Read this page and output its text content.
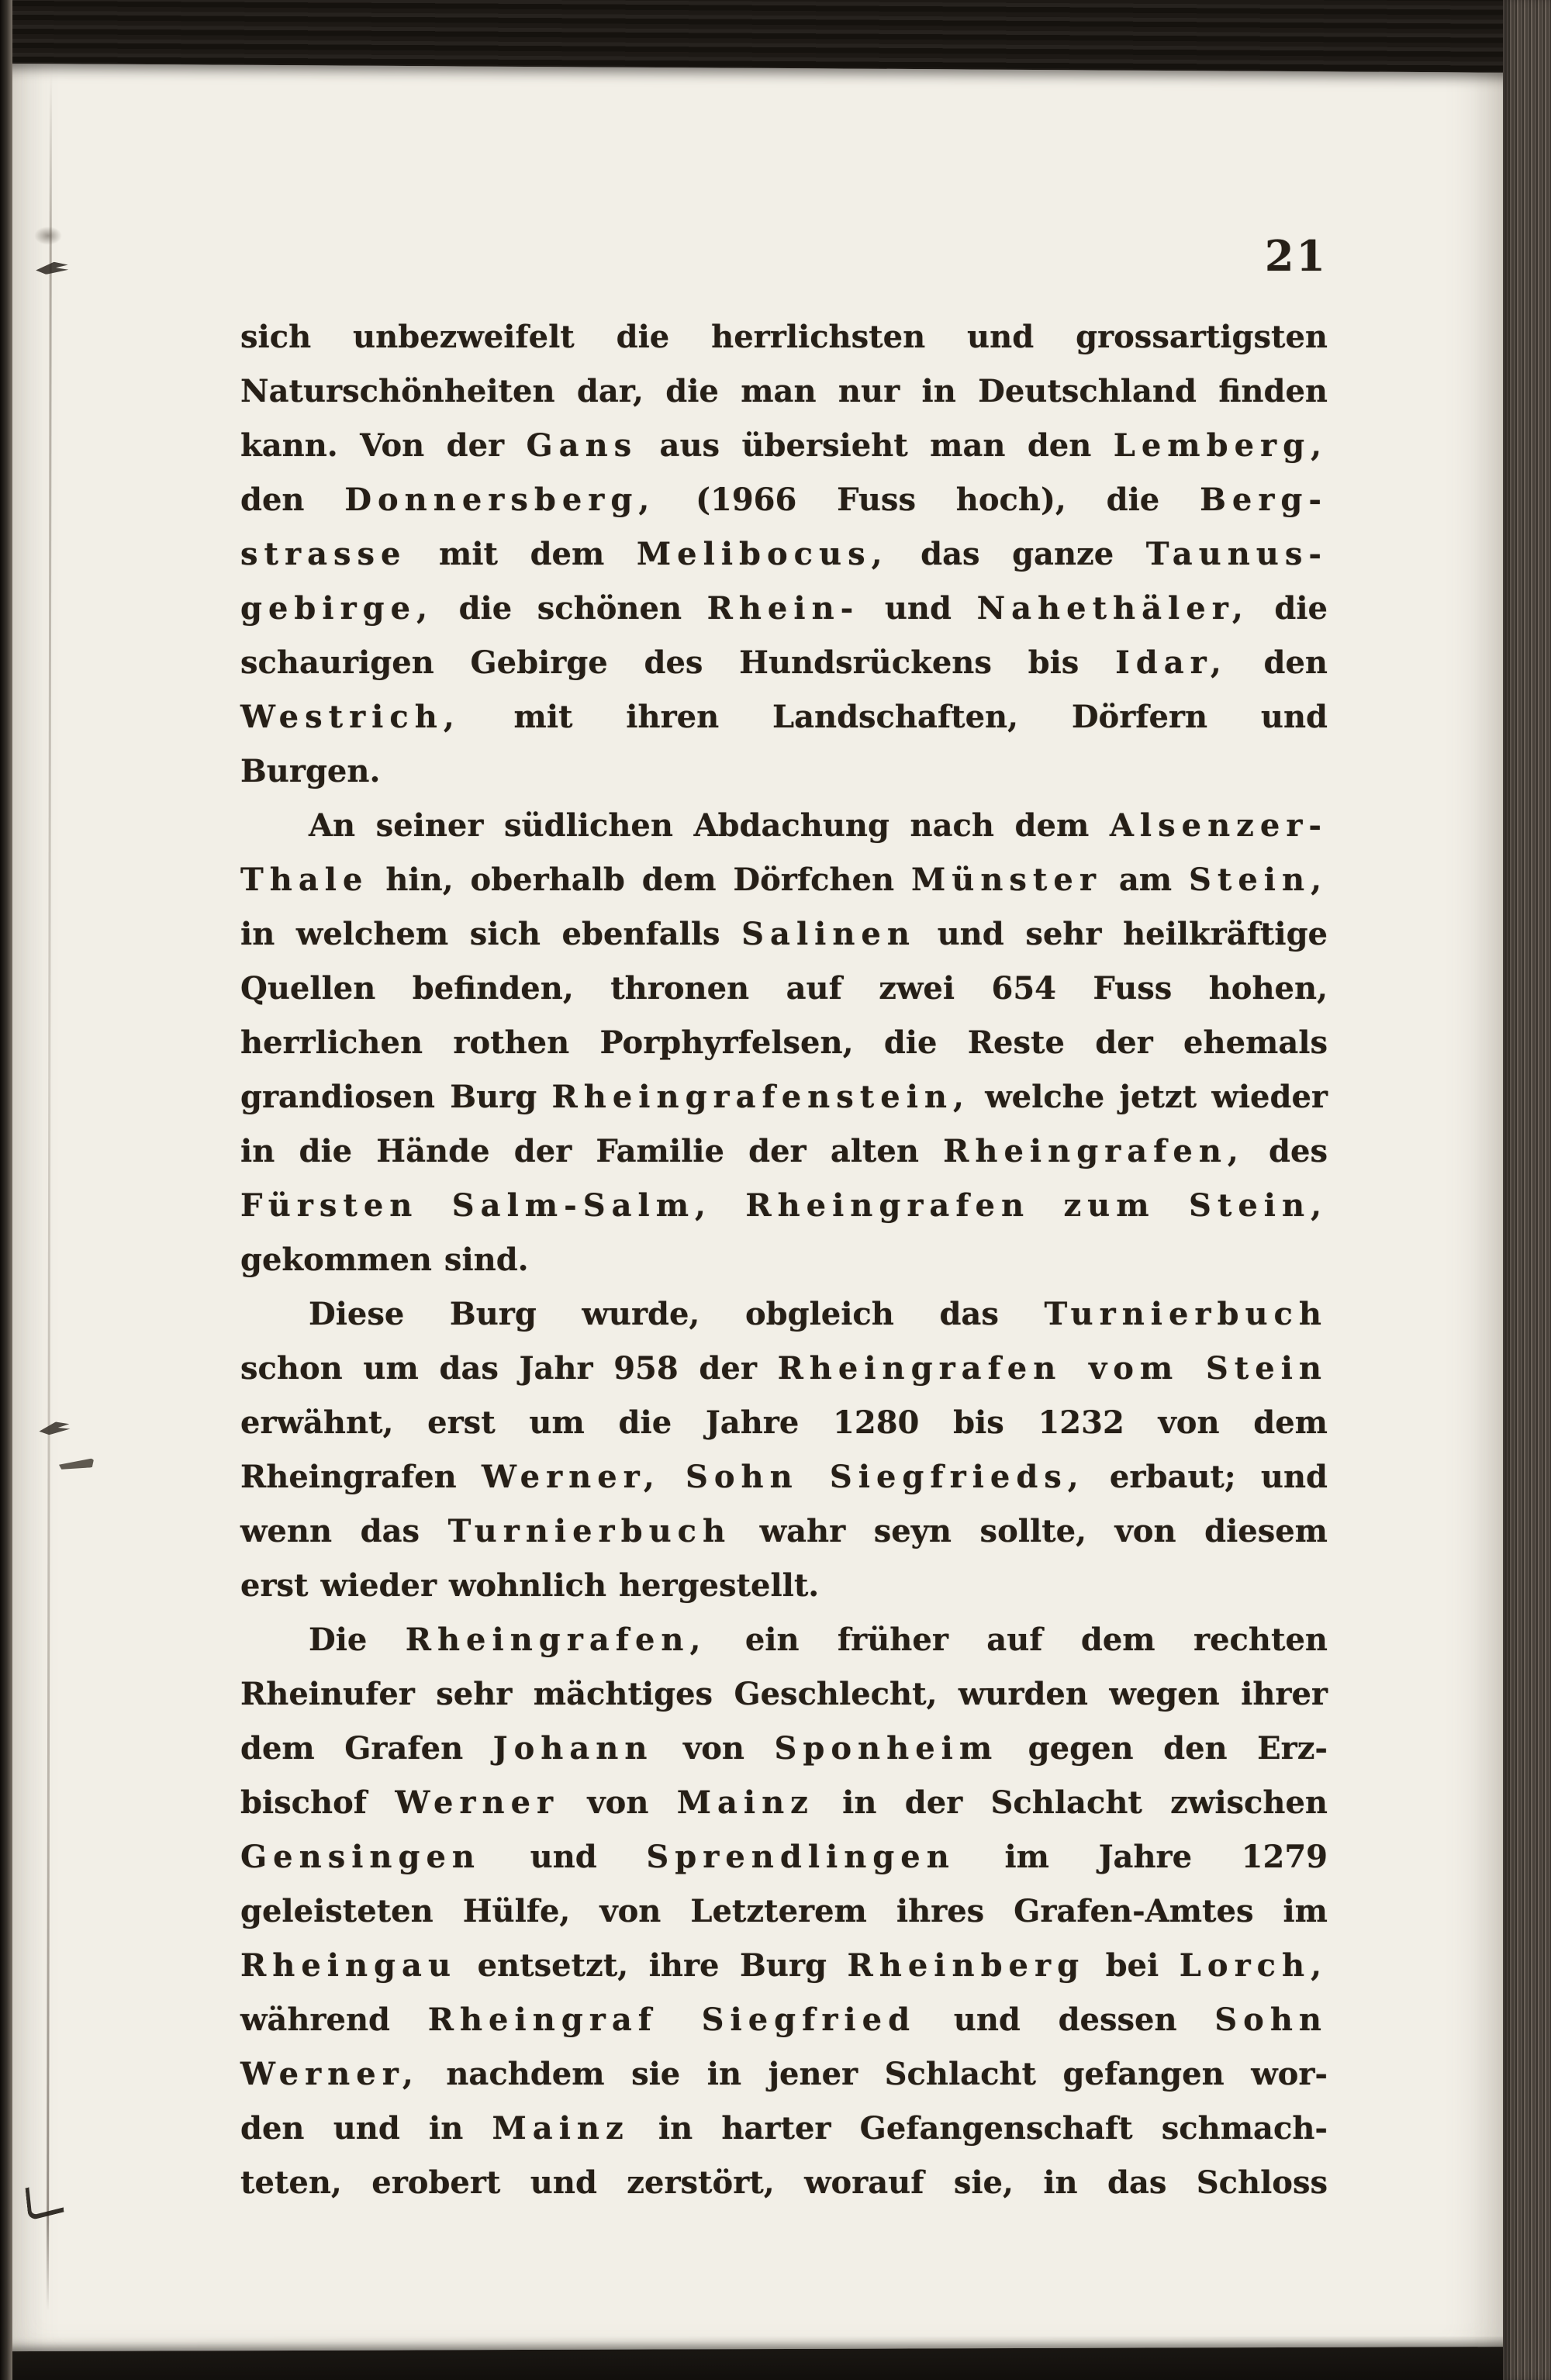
21
sich unbezweifelt die herrlichsten und grossartigsten
Naturschönheiten dar, die man nur in Deutschland finden
kann. Von der Gans aus übersieht man den Lemberg,
den Donnersberg, (1966 Fuss hoch), die Berg-
strasse mit dem Melibocus, das ganze Taunus-
gebirge, die schönen Rhein- und Nahethäler, die
schaurigen Gebirge des Hundsrückens bis Idar, den
Westrich, mit ihren Landschaften, Dörfern und
Burgen.
An seiner südlichen Abdachung nach dem Alsenzer-
Thale hin, oberhalb dem Dörfchen Münster am Stein,
in welchem sich ebenfalls Salinen und sehr heilkräftige
Quellen befinden, thronen auf zwei 654 Fuss hohen,
herrlichen rothen Porphyrfelsen, die Reste der ehemals
grandiosen Burg Rheingrafenstein, welche jetzt wieder
in die Hände der Familie der alten Rheingrafen, des
Fürsten Salm-Salm, Rheingrafen zum Stein,
gekommen sind.
Diese Burg wurde, obgleich das Turnierbuch
schon um das Jahr 958 der Rheingrafen vom Stein
erwähnt, erst um die Jahre 1280 bis 1232 von dem
Rheingrafen Werner, Sohn Siegfrieds, erbaut; und
wenn das Turnierbuch wahr seyn sollte, von diesem
erst wieder wohnlich hergestellt.
Die Rheingrafen, ein früher auf dem rechten
Rheinufer sehr mächtiges Geschlecht, wurden wegen ihrer
dem Grafen Johann von Sponheim gegen den Erz-
bischof Werner von Mainz in der Schlacht zwischen
Gensingen und Sprendlingen im Jahre 1279
geleisteten Hülfe, von Letzterem ihres Grafen-Amtes im
Rheingau entsetzt, ihre Burg Rheinberg bei Lorch,
während Rheingraf Siegfried und dessen Sohn
Werner, nachdem sie in jener Schlacht gefangen wor-
den und in Mainz in harter Gefangenschaft schmach-
teten, erobert und zerstört, worauf sie, in das Schloss
